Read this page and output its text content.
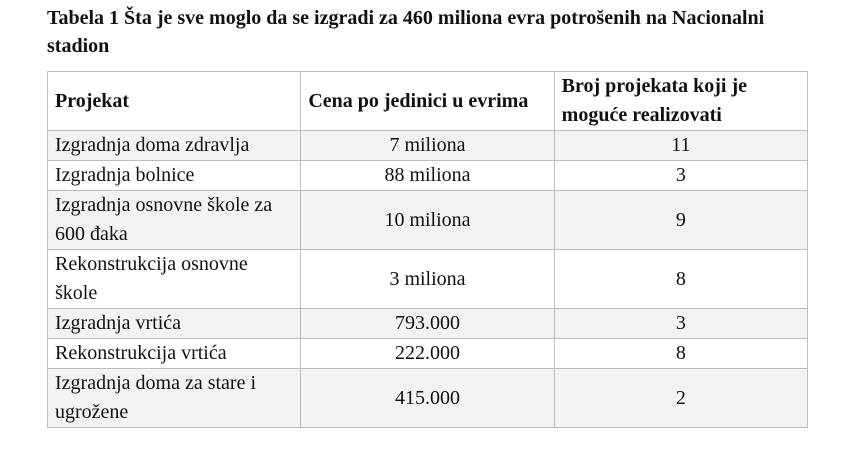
Tabela 1 Šta je sve moglo da se izgradi za 460 miliona evra potrošenih na Nacionalni stadion
Projekat	Cena po jedinici u evrima	Broj projekata koji je moguće realizovati
Izgradnja doma zdravlja	7 miliona	11
Izgradnja bolnice	88 miliona	3
Izgradnja osnovne škole za 600 đaka	10 miliona	9
Rekonstrukcija osnovne škole	3 miliona	8
Izgradnja vrtića	793.000	3
Rekonstrukcija vrtića	222.000	8
Izgradnja doma za stare i ugrožene	415.000	2
